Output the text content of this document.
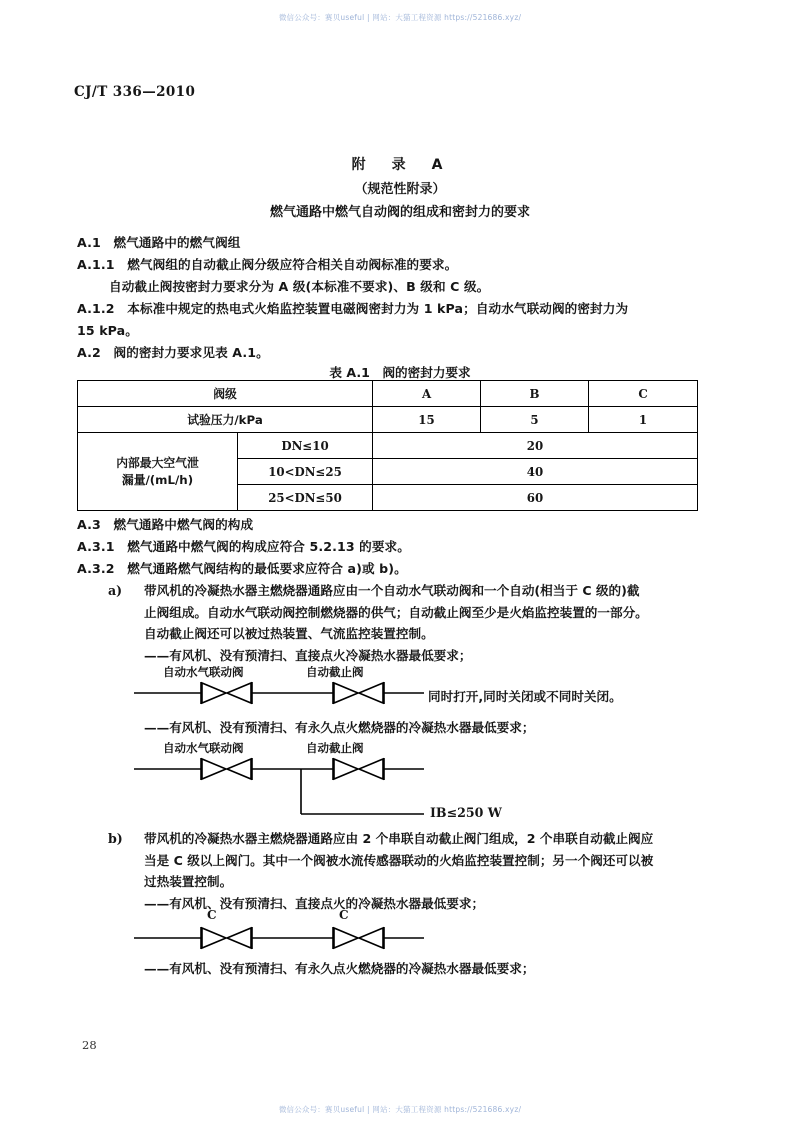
微信公众号：赛贝useful | 网站：大猫工程资源 https://521686.xyz/
CJ/T 336—2010
附　录　A
（规范性附录）
燃气通路中燃气自动阀的组成和密封力的要求
A.1　燃气通路中的燃气阀组
A.1.1　燃气阀组的自动截止阀分级应符合相关自动阀标准的要求。
自动截止阀按密封力要求分为 A 级(本标准不要求)、B 级和 C 级。
A.1.2　本标准中规定的热电式火焰监控装置电磁阀密封力为 1 kPa；自动水气联动阀的密封力为
15 kPa。
A.2　阀的密封力要求见表 A.1。
表 A.1　阀的密封力要求
阀级		A	B	C
试验压力/kPa		15	5	1

内部最大空气泄
漏量/(mL/h)	DN≤10	20		
	10<DN≤25	40		
	25<DN≤50	60		
A.3　燃气通路中燃气阀的构成
A.3.1　燃气通路中燃气阀的构成应符合 5.2.13 的要求。
A.3.2　燃气通路燃气阀结构的最低要求应符合 a)或 b)。
a) 带风机的冷凝热水器主燃烧器通路应由一个自动水气联动阀和一个自动(相当于 C 级的)截
止阀组成。自动水气联动阀控制燃烧器的供气；自动截止阀至少是火焰监控装置的一部分。
自动截止阀还可以被过热装置、气流监控装置控制。
——有风机、没有预清扫、直接点火冷凝热水器最低要求；
自动水气联动阀	自动截止阀
同时打开,同时关闭或不同时关闭。
——有风机、没有预清扫、有永久点火燃烧器的冷凝热水器最低要求；
自动水气联动阀	自动截止阀
IB≤250 W
b) 带风机的冷凝热水器主燃烧器通路应由 2 个串联自动截止阀门组成，2 个串联自动截止阀应
当是 C 级以上阀门。其中一个阀被水流传感器联动的火焰监控装置控制；另一个阀还可以被
过热装置控制。
——有风机、没有预清扫、直接点火的冷凝热水器最低要求；
C	C
——有风机、没有预清扫、有永久点火燃烧器的冷凝热水器最低要求；
28
微信公众号：赛贝useful | 网站：大猫工程资源 https://521686.xyz/
